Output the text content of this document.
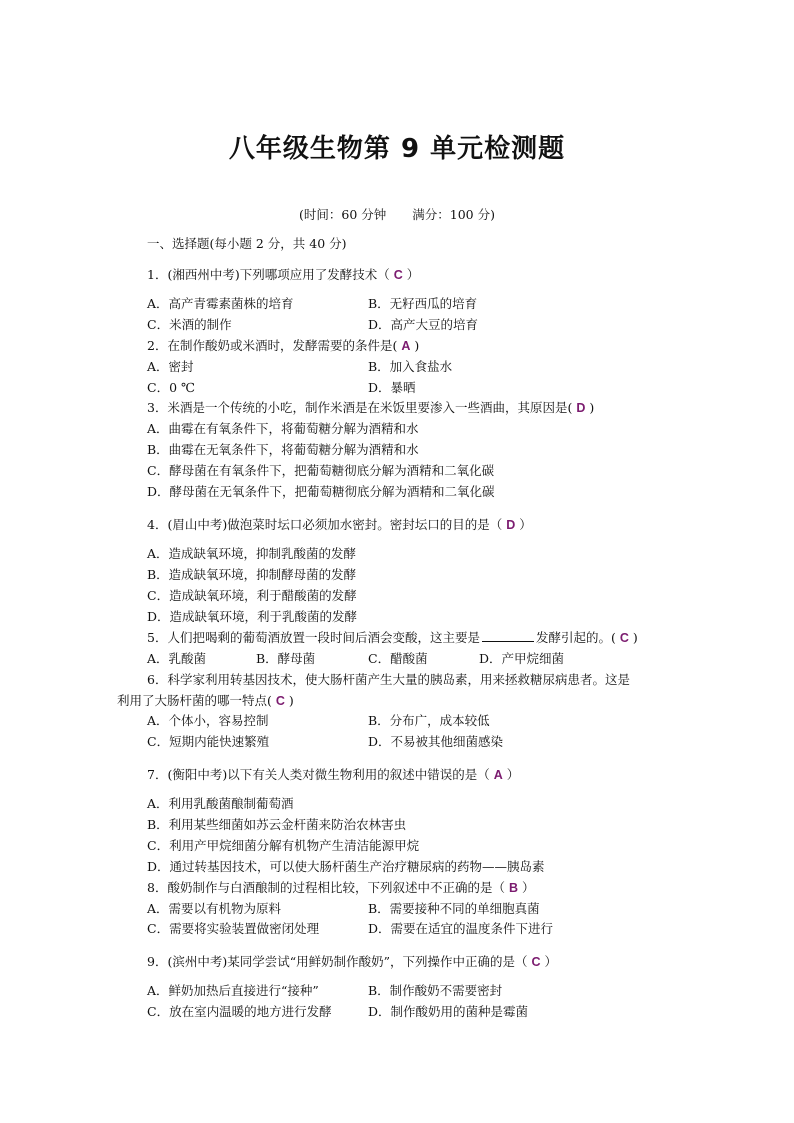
八年级生物第 9 单元检测题
(时间：60 分钟 满分：100 分)
一、选择题(每小题 2 分，共 40 分)
1．(湘西州中考)下列哪项应用了发酵技术（ C ）
A．高产青霉素菌株的培育	B．无籽西瓜的培育
C．米酒的制作	D．高产大豆的培育
2．在制作酸奶或米酒时，发酵需要的条件是( A )
A．密封	B．加入食盐水
C．0 ℃	D．暴晒
3．米酒是一个传统的小吃，制作米酒是在米饭里要渗入一些酒曲，其原因是( D )
A．曲霉在有氧条件下，将葡萄糖分解为酒精和水
B．曲霉在无氧条件下，将葡萄糖分解为酒精和水
C．酵母菌在有氧条件下，把葡萄糖彻底分解为酒精和二氧化碳
D．酵母菌在无氧条件下，把葡萄糖彻底分解为酒精和二氧化碳
4．(眉山中考)做泡菜时坛口必须加水密封。密封坛口的目的是（ D ）
A．造成缺氧环境，抑制乳酸菌的发酵
B．造成缺氧环境，抑制酵母菌的发酵
C．造成缺氧环境，利于醋酸菌的发酵
D．造成缺氧环境，利于乳酸菌的发酵
5．人们把喝剩的葡萄酒放置一段时间后酒会变酸，这主要是	发酵引起的。( C )
A．乳酸菌	B．酵母菌	C．醋酸菌	D．产甲烷细菌
6．科学家利用转基因技术，使大肠杆菌产生大量的胰岛素，用来拯救糖尿病患者。这是
利用了大肠杆菌的哪一特点( C )
A．个体小，容易控制	B．分布广，成本较低
C．短期内能快速繁殖	D．不易被其他细菌感染
7．(衡阳中考)以下有关人类对微生物利用的叙述中错误的是（ A ）
A．利用乳酸菌酿制葡萄酒
B．利用某些细菌如苏云金杆菌来防治农林害虫
C．利用产甲烷细菌分解有机物产生清洁能源甲烷
D．通过转基因技术，可以使大肠杆菌生产治疗糖尿病的药物——胰岛素
8．酸奶制作与白酒酿制的过程相比较，下列叙述中不正确的是（ B ）
A．需要以有机物为原料	B．需要接种不同的单细胞真菌
C．需要将实验装置做密闭处理	D．需要在适宜的温度条件下进行
9．(滨州中考)某同学尝试“用鲜奶制作酸奶”，下列操作中正确的是（ C ）
A．鲜奶加热后直接进行“接种”	B．制作酸奶不需要密封
C．放在室内温暖的地方进行发酵	D．制作酸奶用的菌种是霉菌
